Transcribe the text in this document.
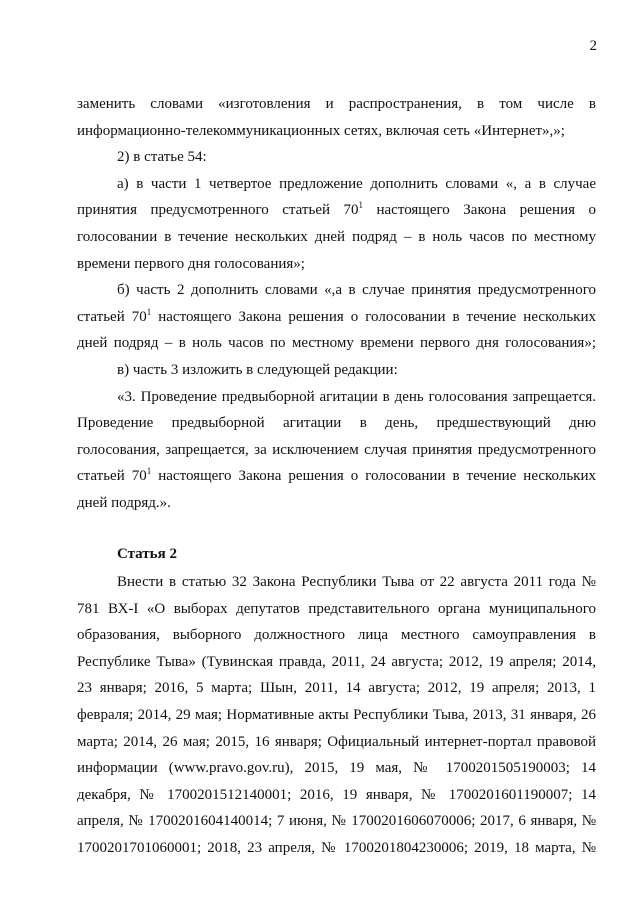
2
заменить словами «изготовления и распространения, в том числе в
информационно-телекоммуникационных сетях, включая сеть «Интернет»,»;
2) в статье 54:
а) в части 1 четвертое предложение дополнить словами «, а в случае
принятия предусмотренного статьей $70^1$ настоящего Закона решения о
голосовании в течение нескольких дней подряд – в ноль часов по местному
времени первого дня голосования»;
б) часть 2 дополнить словами «,а в случае принятия предусмотренного
статьей $70^1$ настоящего Закона решения о голосовании в течение нескольких
дней подряд – в ноль часов по местному времени первого дня голосования»;
в) часть 3 изложить в следующей редакции:
«3. Проведение предвыборной агитации в день голосования запрещается.
Проведение предвыборной агитации в день, предшествующий дню
голосования, запрещается, за исключением случая принятия предусмотренного
статьей $70^1$ настоящего Закона решения о голосовании в течение нескольких
дней подряд.».
Статья 2
Внести в статью 32 Закона Республики Тыва от 22 августа 2011 года №
781 ВХ-I «О выборах депутатов представительного органа муниципального
образования, выборного должностного лица местного самоуправления в
Республике Тыва» (Тувинская правда, 2011, 24 августа; 2012, 19 апреля; 2014,
23 января; 2016, 5 марта; Шын, 2011, 14 августа; 2012, 19 апреля; 2013, 1
февраля; 2014, 29 мая; Нормативные акты Республики Тыва, 2013, 31 января, 26
марта; 2014, 26 мая; 2015, 16 января; Официальный интернет-портал правовой
информации (www.pravo.gov.ru), 2015, 19 мая, № 1700201505190003; 14
декабря, № 1700201512140001; 2016, 19 января, № 1700201601190007; 14
апреля, № 1700201604140014; 7 июня, № 1700201606070006; 2017, 6 января, №
1700201701060001; 2018, 23 апреля, № 1700201804230006; 2019, 18 марта, №
